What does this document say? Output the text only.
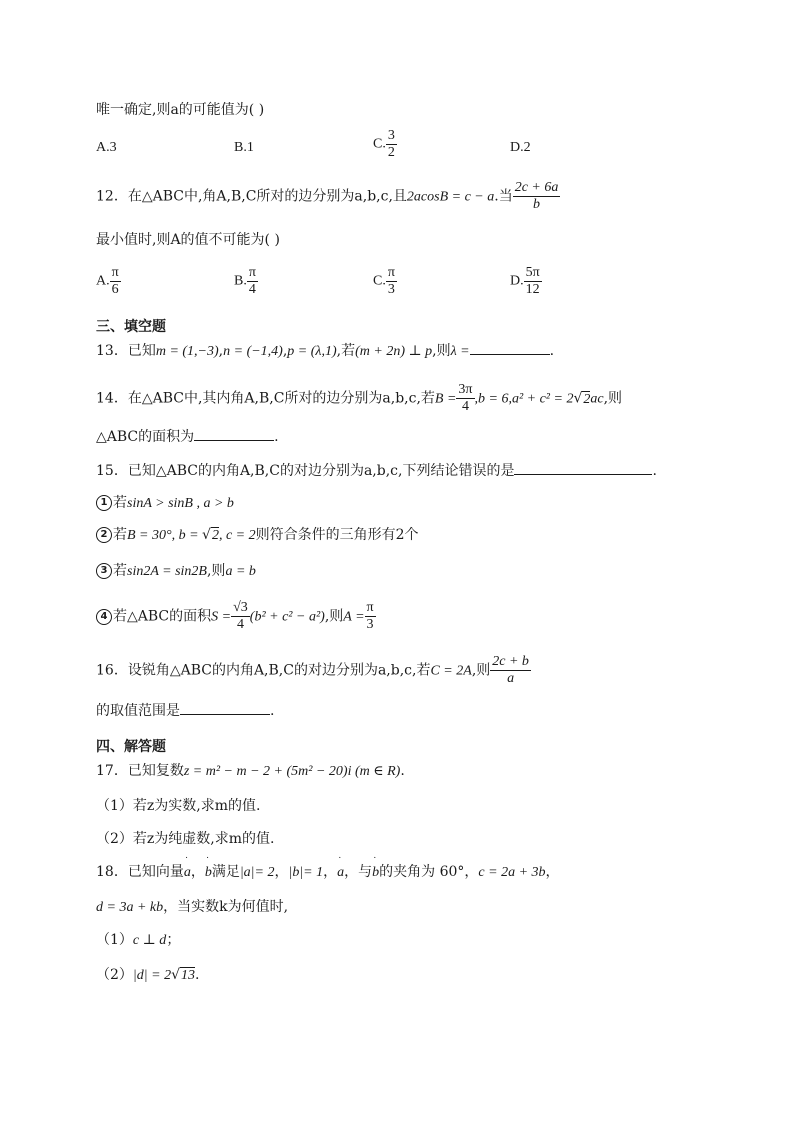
唯一确定,则a的可能值为( )
A.3	B.1	C. $\frac{3}{2}$	D.2
12．在△ABC中,角A,B,C所对的边分别为a,b,c,且2acosB = c − a.当 $\frac{2c + 6a}{b}$
最小值时,则A的值不可能为( )
A. $\frac{\pi}{6}$	B. $\frac{\pi}{4}$	C. $\frac{\pi}{3}$	D. $\frac{5\pi}{12}$
三、填空题
13．已知m = (1,−3),n = (−1,4),p = (λ,1),若(m + 2n) ⊥ p,则λ =	.
14．在△ABC中,其内角A,B,C所对的边分别为a,b,c,若$B = \frac{3\pi}{4} ,b = 6,a^2 + c^2 = 2√2ac$,则
△ABC的面积为	.
15．已知△ABC的内角A,B,C的对边分别为a,b,c,下列结论错误的是	.
1 若sinA > sinB , a > b
2 若B = 30°, b = √2, c = 2则符合条件的三角形有2个
3 若sin2A = sin2B,则a = b
4 若△ABC的面积$S = \frac{√3}{4} (b^2 + c^2 - a^2)$,则$A = \frac{\pi}{3}$
16．设锐角△ABC的内角A,B,C的对边分别为a,b,c,若C = 2A,则 $\frac{2c + b}{a}$
的取值范围是	.
四、解答题
17．已知复数z = m² − m − 2 + (5m² − 20)i (m ∈ R).
（1）若z为实数,求m的值.
（2）若z为纯虚数,求m的值.
18．已知向量˙ a，˙ b满足|a|= 2，|b|= 1，˙ a，与˙ b的夹角为 60°，c = 2a + 3b，
d = 3a + kb，当实数k为何值时,
（1）c ⊥ d；
（2）|d| = 2√13.
